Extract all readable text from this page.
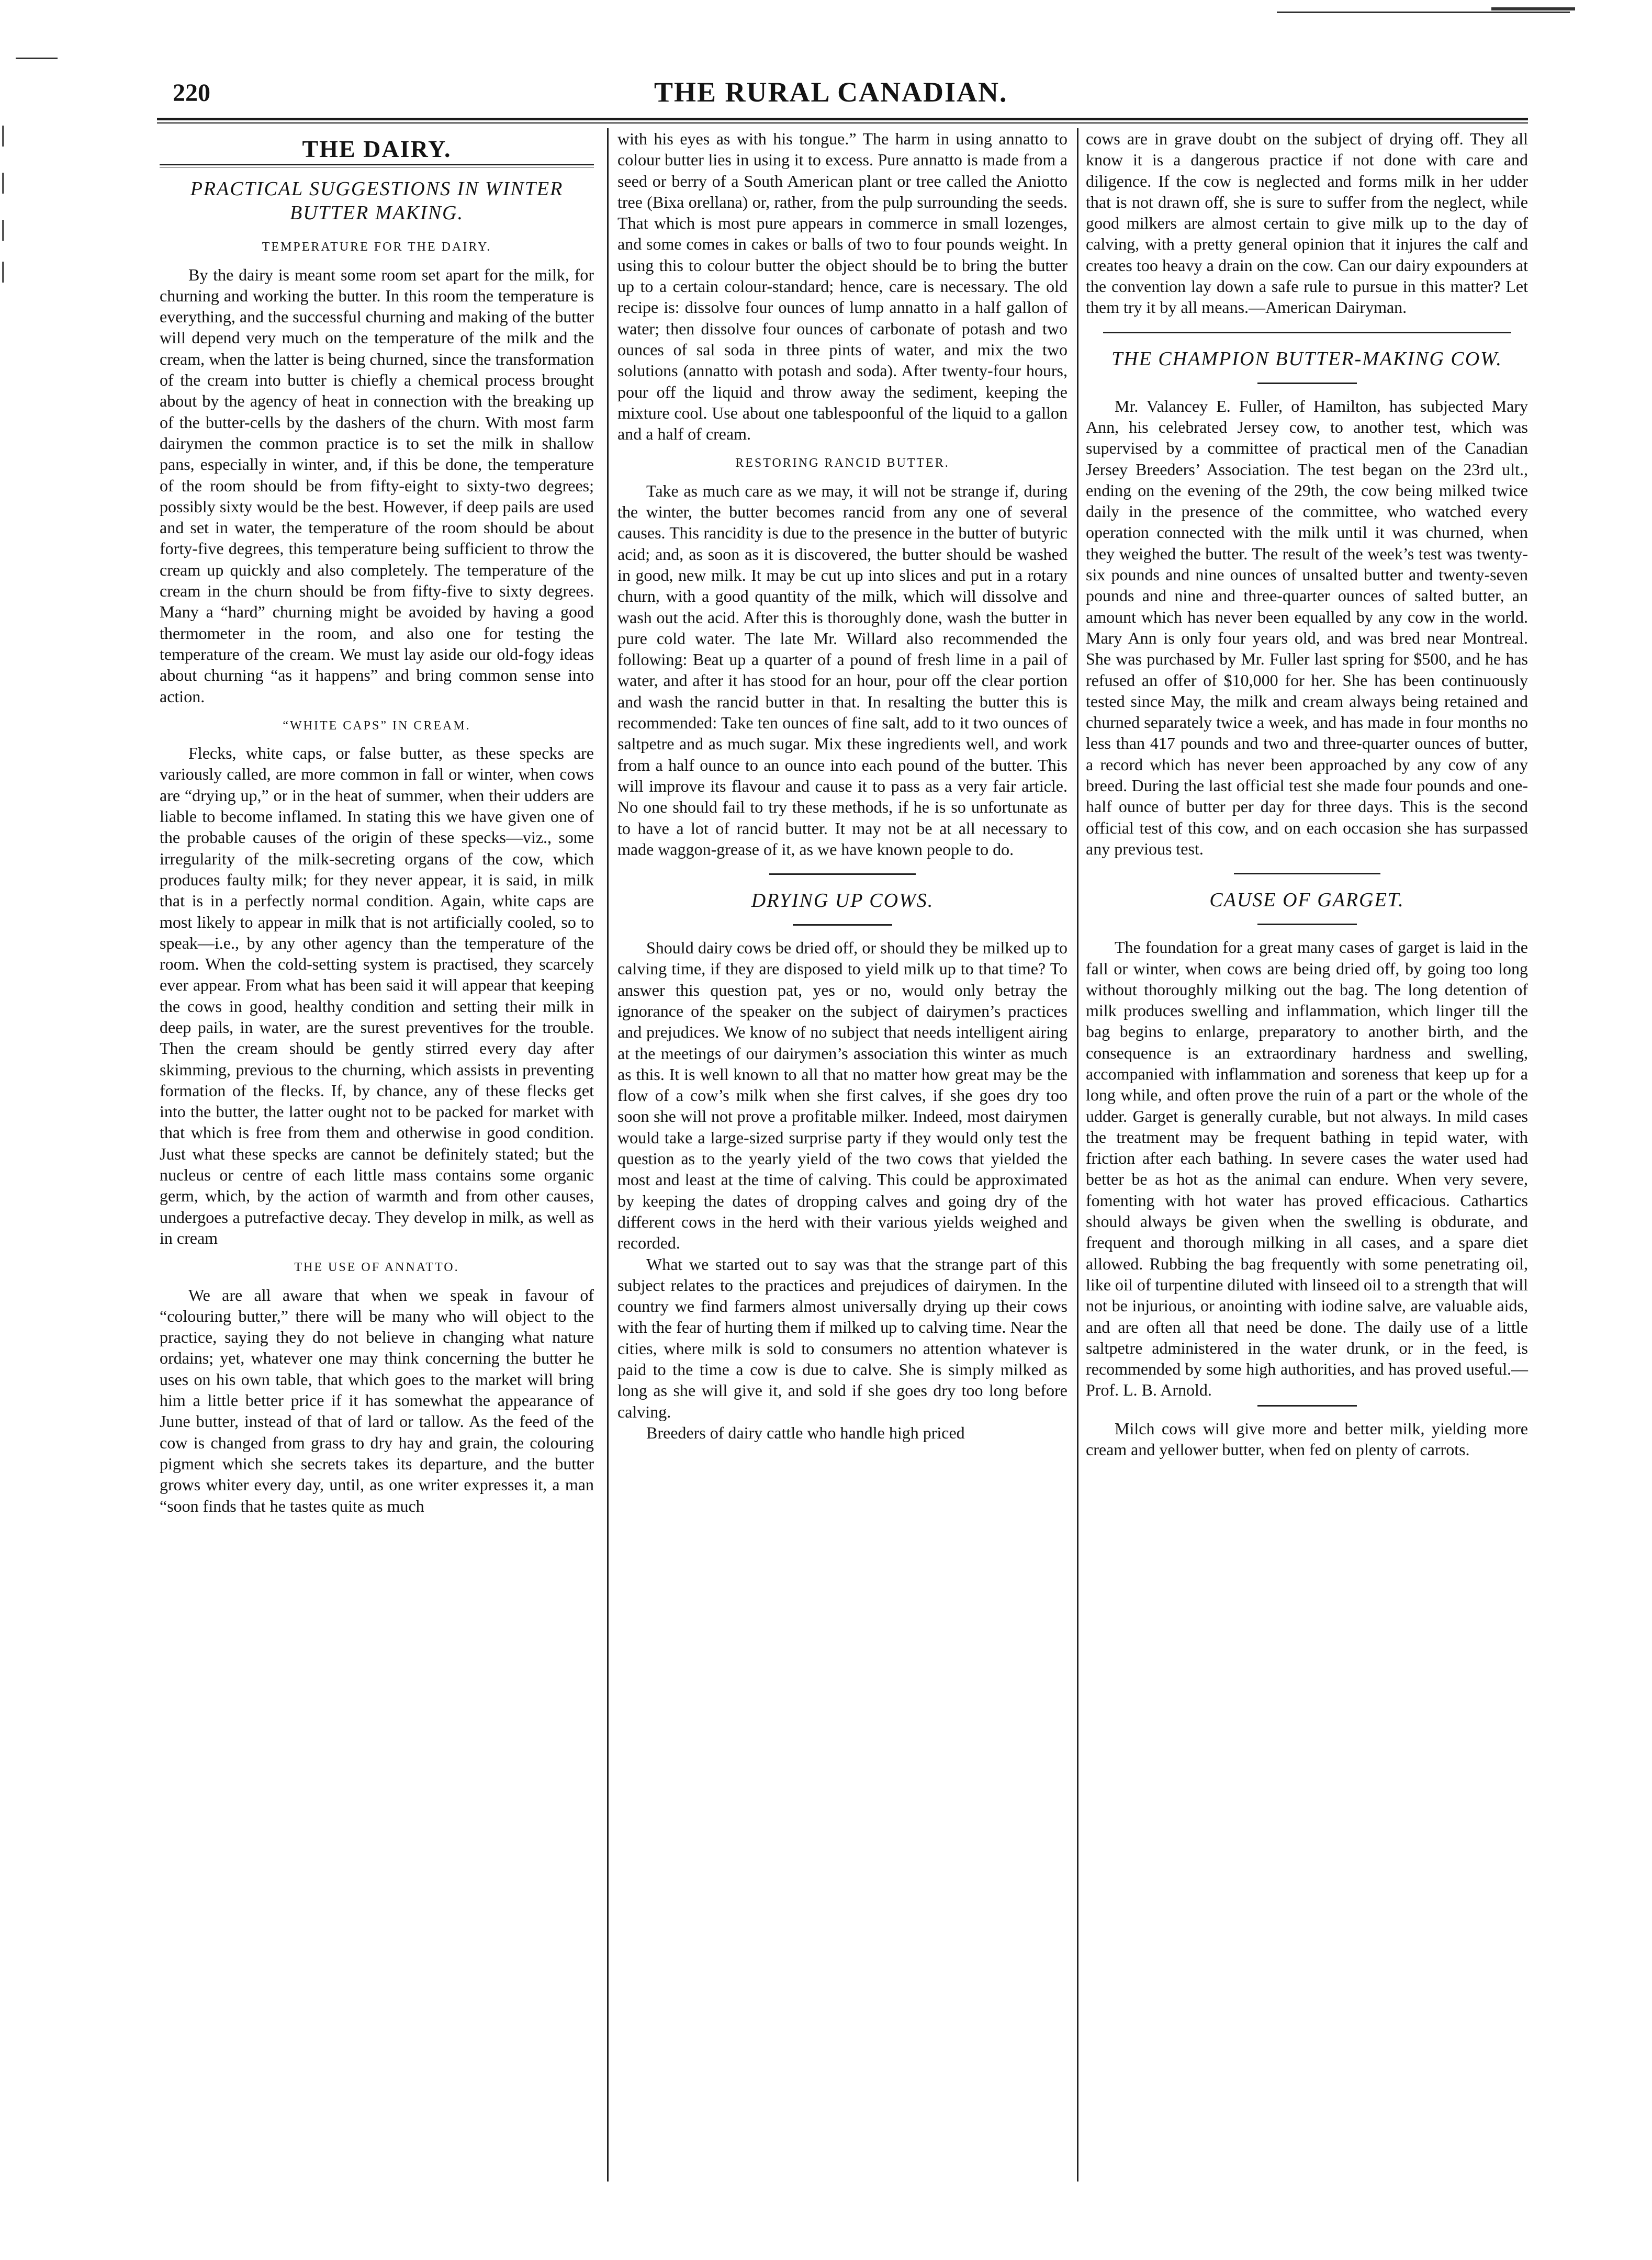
220	THE RURAL CANADIAN.
THE DAIRY.
PRACTICAL SUGGESTIONS IN WINTER BUTTER MAKING.
TEMPERATURE FOR THE DAIRY.

By the dairy is meant some room set apart for the milk, for churning and working the butter. In this room the temperature is everything, and the successful churning and making of the butter will depend very much on the temperature of the milk and the cream, when the latter is being churned, since the transformation of the cream into butter is chiefly a chemical process brought about by the agency of heat in connection with the breaking up of the butter-cells by the dashers of the churn. With most farm dairymen the common practice is to set the milk in shallow pans, especially in winter, and, if this be done, the temperature of the room should be from fifty-eight to sixty-two degrees; possibly sixty would be the best. However, if deep pails are used and set in water, the temperature of the room should be about forty-five degrees, this temperature being sufficient to throw the cream up quickly and also completely. The temperature of the cream in the churn should be from fifty-five to sixty degrees. Many a “hard” churning might be avoided by having a good thermometer in the room, and also one for testing the temperature of the cream. We must lay aside our old-fogy ideas about churning “as it happens” and bring common sense into action.

“WHITE CAPS” IN CREAM.

Flecks, white caps, or false butter, as these specks are variously called, are more common in fall or winter, when cows are “drying up,” or in the heat of summer, when their udders are liable to become inflamed. In stating this we have given one of the probable causes of the origin of these specks—viz., some irregularity of the milk-secreting organs of the cow, which produces faulty milk; for they never appear, it is said, in milk that is in a perfectly normal condition. Again, white caps are most likely to appear in milk that is not artificially cooled, so to speak—i.e., by any other agency than the temperature of the room. When the cold-setting system is practised, they scarcely ever appear. From what has been said it will appear that keeping the cows in good, healthy condition and setting their milk in deep pails, in water, are the surest preventives for the trouble. Then the cream should be gently stirred every day after skimming, previous to the churning, which assists in preventing formation of the flecks. If, by chance, any of these flecks get into the butter, the latter ought not to be packed for market with that which is free from them and otherwise in good condition. Just what these specks are cannot be definitely stated; but the nucleus or centre of each little mass contains some organic germ, which, by the action of warmth and from other causes, undergoes a putrefactive decay. They develop in milk, as well as in cream

THE USE OF ANNATTO.

We are all aware that when we speak in favour of “colouring butter,” there will be many who will object to the practice, saying they do not believe in changing what nature ordains; yet, whatever one may think concerning the butter he uses on his own table, that which goes to the market will bring him a little better price if it has somewhat the appearance of June butter, instead of that of lard or tallow. As the feed of the cow is changed from grass to dry hay and grain, the colouring pigment which she secrets takes its departure, and the butter grows whiter every day, until, as one writer expresses it, a man “soon finds that he tastes quite as much

with his eyes as with his tongue.” The harm in using annatto to colour butter lies in using it to excess. Pure annatto is made from a seed or berry of a South American plant or tree called the Aniotto tree (Bixa orellana) or, rather, from the pulp surrounding the seeds. That which is most pure appears in commerce in small lozenges, and some comes in cakes or balls of two to four pounds weight. In using this to colour butter the object should be to bring the butter up to a certain colour-standard; hence, care is necessary. The old recipe is: dissolve four ounces of lump annatto in a half gallon of water; then dissolve four ounces of carbonate of potash and two ounces of sal soda in three pints of water, and mix the two solutions (annatto with potash and soda). After twenty-four hours, pour off the liquid and throw away the sediment, keeping the mixture cool. Use about one tablespoonful of the liquid to a gallon and a half of cream.

RESTORING RANCID BUTTER.

Take as much care as we may, it will not be strange if, during the winter, the butter becomes rancid from any one of several causes. This rancidity is due to the presence in the butter of butyric acid; and, as soon as it is discovered, the butter should be washed in good, new milk. It may be cut up into slices and put in a rotary churn, with a good quantity of the milk, which will dissolve and wash out the acid. After this is thoroughly done, wash the butter in pure cold water. The late Mr. Willard also recommended the following: Beat up a quarter of a pound of fresh lime in a pail of water, and after it has stood for an hour, pour off the clear portion and wash the rancid butter in that. In resalting the butter this is recommended: Take ten ounces of fine salt, add to it two ounces of saltpetre and as much sugar. Mix these ingredients well, and work from a half ounce to an ounce into each pound of the butter. This will improve its flavour and cause it to pass as a very fair article. No one should fail to try these methods, if he is so unfortunate as to have a lot of rancid butter. It may not be at all necessary to made waggon-grease of it, as we have known people to do.

DRYING UP COWS.

Should dairy cows be dried off, or should they be milked up to calving time, if they are disposed to yield milk up to that time? To answer this question pat, yes or no, would only betray the ignorance of the speaker on the subject of dairymen’s practices and prejudices. We know of no subject that needs intelligent airing at the meetings of our dairymen’s association this winter as much as this. It is well known to all that no matter how great may be the flow of a cow’s milk when she first calves, if she goes dry too soon she will not prove a profitable milker. Indeed, most dairymen would take a large-sized surprise party if they would only test the question as to the yearly yield of the two cows that yielded the most and least at the time of calving. This could be approximated by keeping the dates of dropping calves and going dry of the different cows in the herd with their various yields weighed and recorded.

What we started out to say was that the strange part of this subject relates to the practices and prejudices of dairymen. In the country we find farmers almost universally drying up their cows with the fear of hurting them if milked up to calving time. Near the cities, where milk is sold to consumers no attention whatever is paid to the time a cow is due to calve. She is simply milked as long as she will give it, and sold if she goes dry too long before calving.

Breeders of dairy cattle who handle high priced

cows are in grave doubt on the subject of drying off. They all know it is a dangerous practice if not done with care and diligence. If the cow is neglected and forms milk in her udder that is not drawn off, she is sure to suffer from the neglect, while good milkers are almost certain to give milk up to the day of calving, with a pretty general opinion that it injures the calf and creates too heavy a drain on the cow. Can our dairy expounders at the convention lay down a safe rule to pursue in this matter? Let them try it by all means.—American Dairyman.

THE CHAMPION BUTTER-MAKING COW.

Mr. Valancey E. Fuller, of Hamilton, has subjected Mary Ann, his celebrated Jersey cow, to another test, which was supervised by a committee of practical men of the Canadian Jersey Breeders’ Association. The test began on the 23rd ult., ending on the evening of the 29th, the cow being milked twice daily in the presence of the committee, who watched every operation connected with the milk until it was churned, when they weighed the butter. The result of the week’s test was twenty-six pounds and nine ounces of unsalted butter and twenty-seven pounds and nine and three-quarter ounces of salted butter, an amount which has never been equalled by any cow in the world. Mary Ann is only four years old, and was bred near Montreal. She was purchased by Mr. Fuller last spring for $500, and he has refused an offer of $10,000 for her. She has been continuously tested since May, the milk and cream always being retained and churned separately twice a week, and has made in four months no less than 417 pounds and two and three-quarter ounces of butter, a record which has never been approached by any cow of any breed. During the last official test she made four pounds and one-half ounce of butter per day for three days. This is the second official test of this cow, and on each occasion she has surpassed any previous test.

CAUSE OF GARGET.

The foundation for a great many cases of garget is laid in the fall or winter, when cows are being dried off, by going too long without thoroughly milking out the bag. The long detention of milk produces swelling and inflammation, which linger till the bag begins to enlarge, preparatory to another birth, and the consequence is an extraordinary hardness and swelling, accompanied with inflammation and soreness that keep up for a long while, and often prove the ruin of a part or the whole of the udder. Garget is generally curable, but not always. In mild cases the treatment may be frequent bathing in tepid water, with friction after each bathing. In severe cases the water used had better be as hot as the animal can endure. When very severe, fomenting with hot water has proved efficacious. Cathartics should always be given when the swelling is obdurate, and frequent and thorough milking in all cases, and a spare diet allowed. Rubbing the bag frequently with some penetrating oil, like oil of turpentine diluted with linseed oil to a strength that will not be injurious, or anointing with iodine salve, are valuable aids, and are often all that need be done. The daily use of a little saltpetre administered in the water drunk, or in the feed, is recommended by some high authorities, and has proved useful.—Prof. L. B. Arnold.

Milch cows will give more and better milk, yielding more cream and yellower butter, when fed on plenty of carrots.
